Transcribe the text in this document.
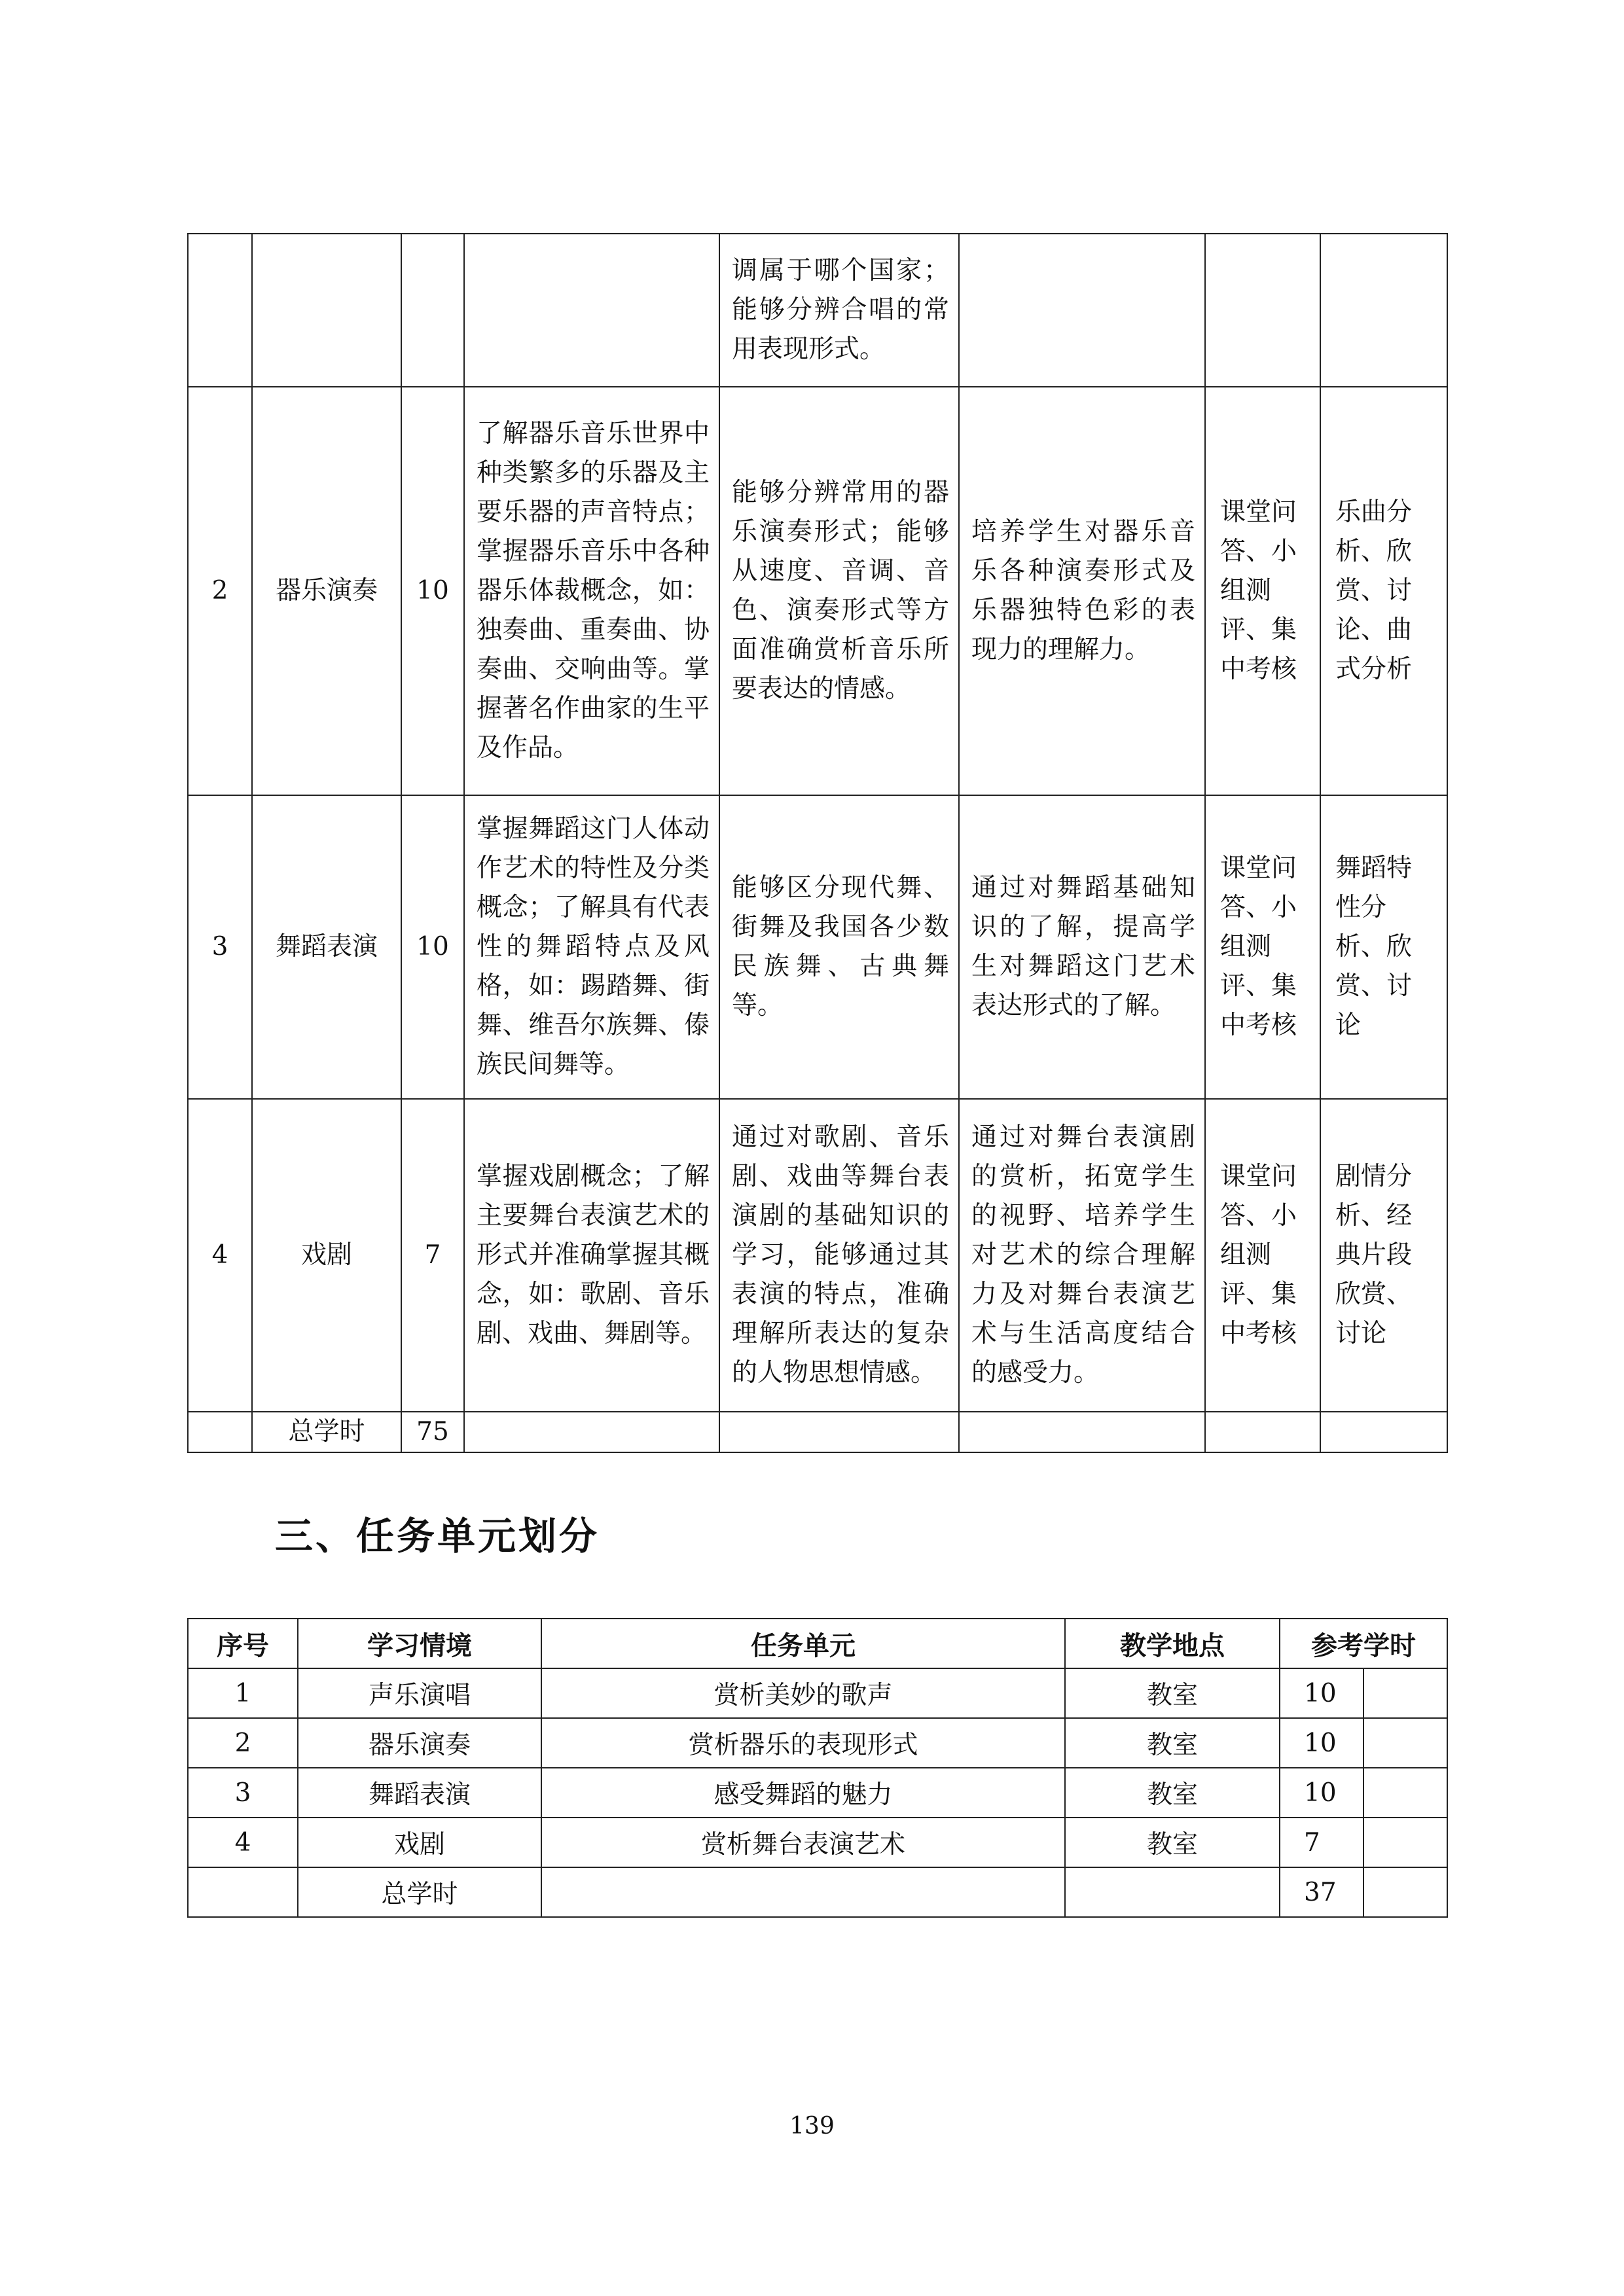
				调属于哪个国家；能够分辨合唱的常用表现形式。			
2	器乐演奏	10	了解器乐音乐世界中种类繁多的乐器及主要乐器的声音特点；掌握器乐音乐中各种器乐体裁概念，如：独奏曲、重奏曲、协奏曲、交响曲等。掌握著名作曲家的生平及作品。	能够分辨常用的器乐演奏形式；能够从速度、音调、音色、演奏形式等方面准确赏析音乐所要表达的情感。	培养学生对器乐音乐各种演奏形式及乐器独特色彩的表现力的理解力。	课堂问答、小组测评、集中考核	乐曲分析、欣赏、讨论、曲式分析
3	舞蹈表演	10	掌握舞蹈这门人体动作艺术的特性及分类概念；了解具有代表性的舞蹈特点及风格，如：踢踏舞、街舞、维吾尔族舞、傣族民间舞等。	能够区分现代舞、街舞及我国各少数民族舞、古典舞等。	通过对舞蹈基础知识的了解，提高学生对舞蹈这门艺术表达形式的了解。	课堂问答、小组测评、集中考核	舞蹈特性分析、欣赏、讨论
4	戏剧	7	掌握戏剧概念；了解主要舞台表演艺术的形式并准确掌握其概念，如：歌剧、音乐剧、戏曲、舞剧等。	通过对歌剧、音乐剧、戏曲等舞台表演剧的基础知识的学习，能够通过其表演的特点，准确理解所表达的复杂的人物思想情感。	通过对舞台表演剧的赏析，拓宽学生的视野、培养学生对艺术的综合理解力及对舞台表演艺术与生活高度结合的感受力。	课堂问答、小组测评、集中考核	剧情分析、经典片段欣赏、讨论
	总学时	75					
三、任务单元划分
序号	学习情境	任务单元	教学地点	参考学时	
1	声乐演唱	赏析美妙的歌声	教室	10	
2	器乐演奏	赏析器乐的表现形式	教室	10	
3	舞蹈表演	感受舞蹈的魅力	教室	10	
4	戏剧	赏析舞台表演艺术	教室	7	
	总学时			37	
139
